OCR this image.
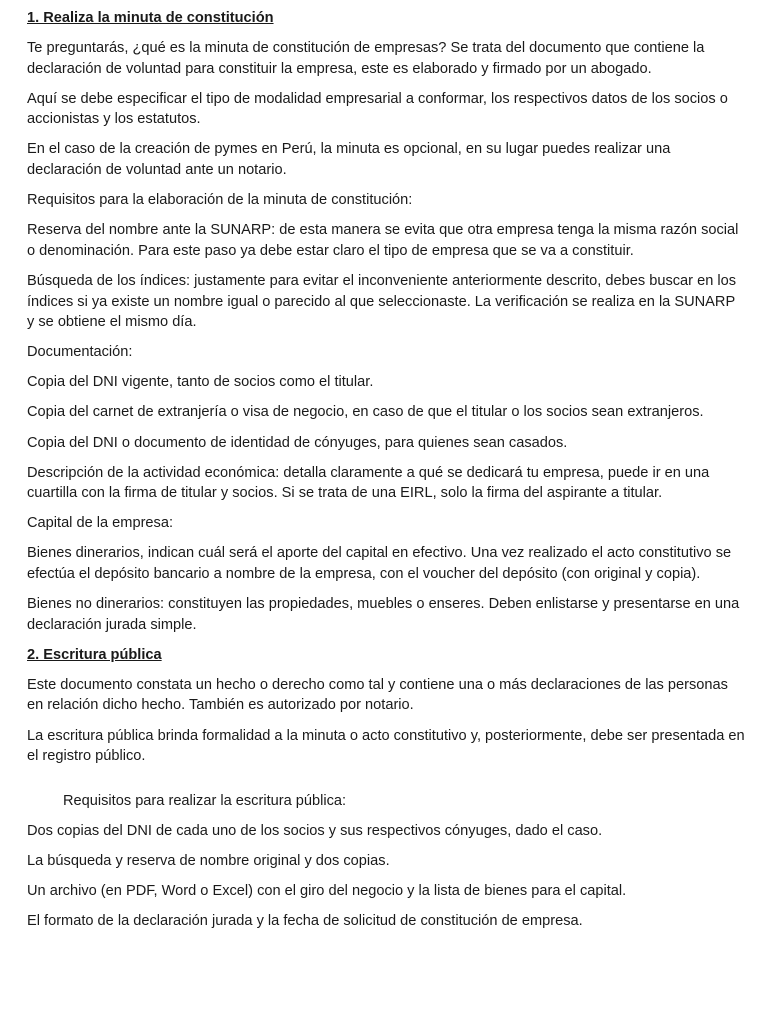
1. Realiza la minuta de constitución

Te preguntarás, ¿qué es la minuta de constitución de empresas? Se trata del documento que contiene la declaración de voluntad para constituir la empresa, este es elaborado y firmado por un abogado.

Aquí se debe especificar el tipo de modalidad empresarial a conformar, los respectivos datos de los socios o accionistas y los estatutos.

En el caso de la creación de pymes en Perú, la minuta es opcional, en su lugar puedes realizar una declaración de voluntad ante un notario.

Requisitos para la elaboración de la minuta de constitución:

Reserva del nombre ante la SUNARP: de esta manera se evita que otra empresa tenga la misma razón social o denominación. Para este paso ya debe estar claro el tipo de empresa que se va a constituir.

Búsqueda de los índices: justamente para evitar el inconveniente anteriormente descrito, debes buscar en los índices si ya existe un nombre igual o parecido al que seleccionaste. La verificación se realiza en la SUNARP y se obtiene el mismo día.

Documentación:

Copia del DNI vigente, tanto de socios como el titular.

Copia del carnet de extranjería o visa de negocio, en caso de que el titular o los socios sean extranjeros.

Copia del DNI o documento de identidad de cónyuges, para quienes sean casados.

Descripción de la actividad económica: detalla claramente a qué se dedicará tu empresa, puede ir en una cuartilla con la firma de titular y socios. Si se trata de una EIRL, solo la firma del aspirante a titular.

Capital de la empresa:

Bienes dinerarios, indican cuál será el aporte del capital en efectivo. Una vez realizado el acto constitutivo se efectúa el depósito bancario a nombre de la empresa, con el voucher del depósito (con original y copia).

Bienes no dinerarios: constituyen las propiedades, muebles o enseres. Deben enlistarse y presentarse en una declaración jurada simple.

2. Escritura pública

Este documento constata un hecho o derecho como tal y contiene una o más declaraciones de las personas en relación dicho hecho. También es autorizado por notario.

La escritura pública brinda formalidad a la minuta o acto constitutivo y, posteriormente, debe ser presentada en el registro público.

Requisitos para realizar la escritura pública:

Dos copias del DNI de cada uno de los socios y sus respectivos cónyuges, dado el caso.

La búsqueda y reserva de nombre original y dos copias.

Un archivo (en PDF, Word o Excel) con el giro del negocio y la lista de bienes para el capital.

El formato de la declaración jurada y la fecha de solicitud de constitución de empresa.
